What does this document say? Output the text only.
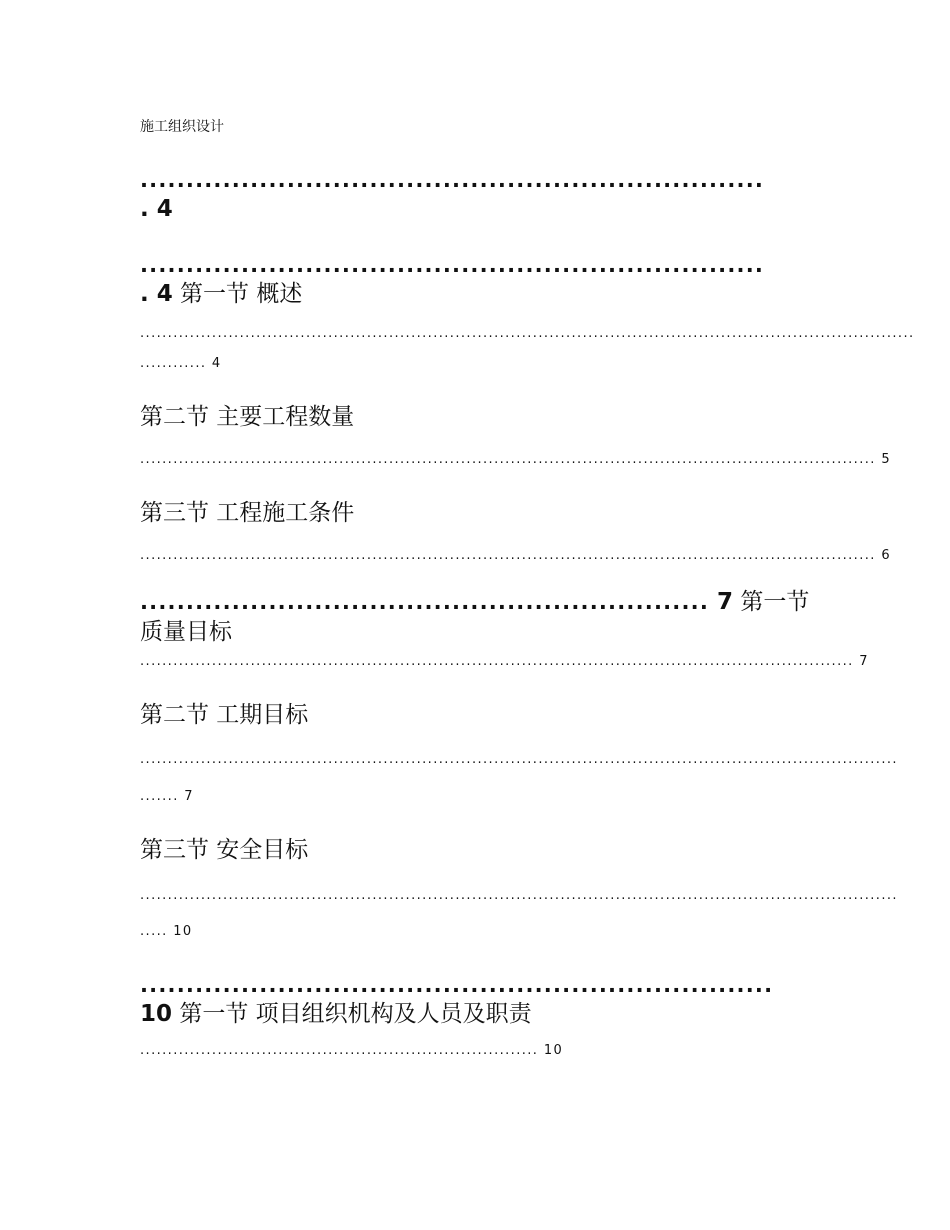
施工组织设计

....................................................................

. 4

....................................................................

. 4 第一节 概述

............................................................................................................................................

............ 4

第二节 主要工程数量

..................................................................................................................................... 5

第三节 工程施工条件

..................................................................................................................................... 6

.............................................................. 7 第一节

质量目标

................................................................................................................................. 7

第二节 工期目标

.........................................................................................................................................

....... 7

第三节 安全目标

.........................................................................................................................................

..... 10

.....................................................................

10 第一节 项目组织机构及人员及职责

........................................................................ 10
